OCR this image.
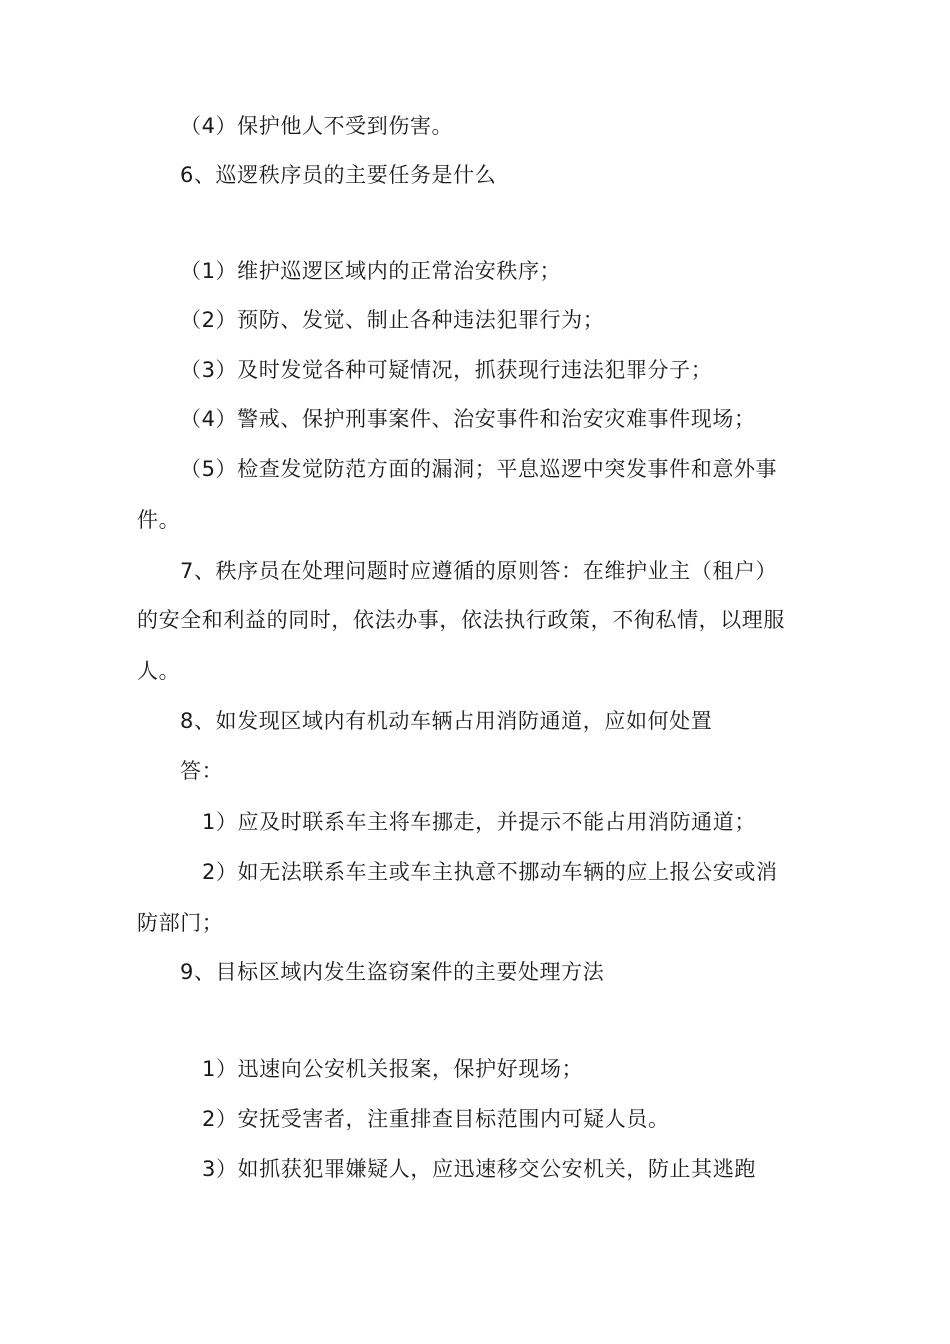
（4）保护他人不受到伤害。
6、巡逻秩序员的主要任务是什么
（1）维护巡逻区域内的正常治安秩序；
（2）预防、发觉、制止各种违法犯罪行为；
（3）及时发觉各种可疑情况，抓获现行违法犯罪分子；
（4）警戒、保护刑事案件、治安事件和治安灾难事件现场；
（5）检查发觉防范方面的漏洞；平息巡逻中突发事件和意外事
件。
7、秩序员在处理问题时应遵循的原则答：在维护业主（租户）
的安全和利益的同时，依法办事，依法执行政策，不徇私情，以理服
人。
8、如发现区域内有机动车辆占用消防通道，应如何处置
答：
1）应及时联系车主将车挪走，并提示不能占用消防通道；
2）如无法联系车主或车主执意不挪动车辆的应上报公安或消
防部门；
9、目标区域内发生盗窃案件的主要处理方法
1）迅速向公安机关报案，保护好现场；
2）安抚受害者，注重排查目标范围内可疑人员。
3）如抓获犯罪嫌疑人，应迅速移交公安机关，防止其逃跑
